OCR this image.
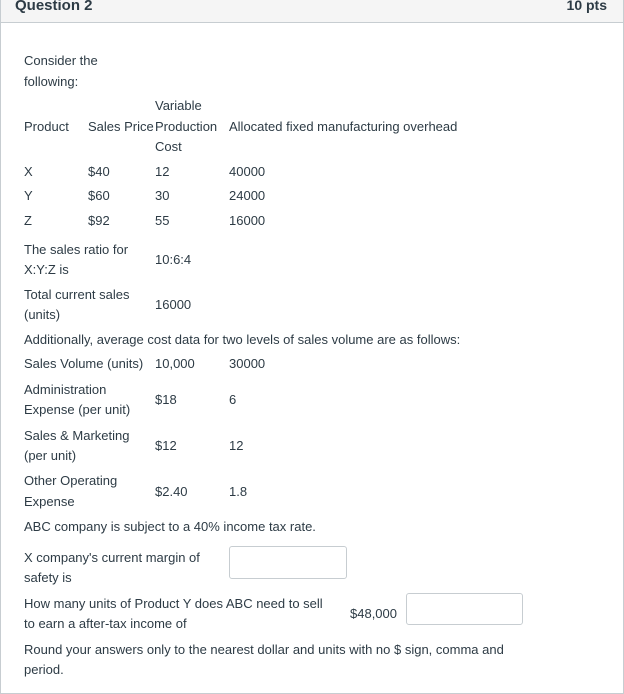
Question 2	10 pts
Consider the
following:
Variable
Product Sales Price Production Allocated fixed manufacturing overhead
Cost
X	$40	12	40000
Y	$60	30	24000
Z	$92	55	16000
The sales ratio for
X:Y:Z is
10:6:4
Total current sales
(units)
16000
Additionally, average cost data for two levels of sales volume are as follows:
Sales Volume (units) 10,000	30000
Administration
Expense (per unit)
$18	6
Sales & Marketing
(per unit)
$12	12
Other Operating
Expense
$2.40	1.8
ABC company is subject to a 40% income tax rate.
X company's current margin of
safety is
How many units of Product Y does ABC need to sell
to earn a after-tax income of
$48,000
Round your answers only to the nearest dollar and units with no $ sign, comma and
period.
